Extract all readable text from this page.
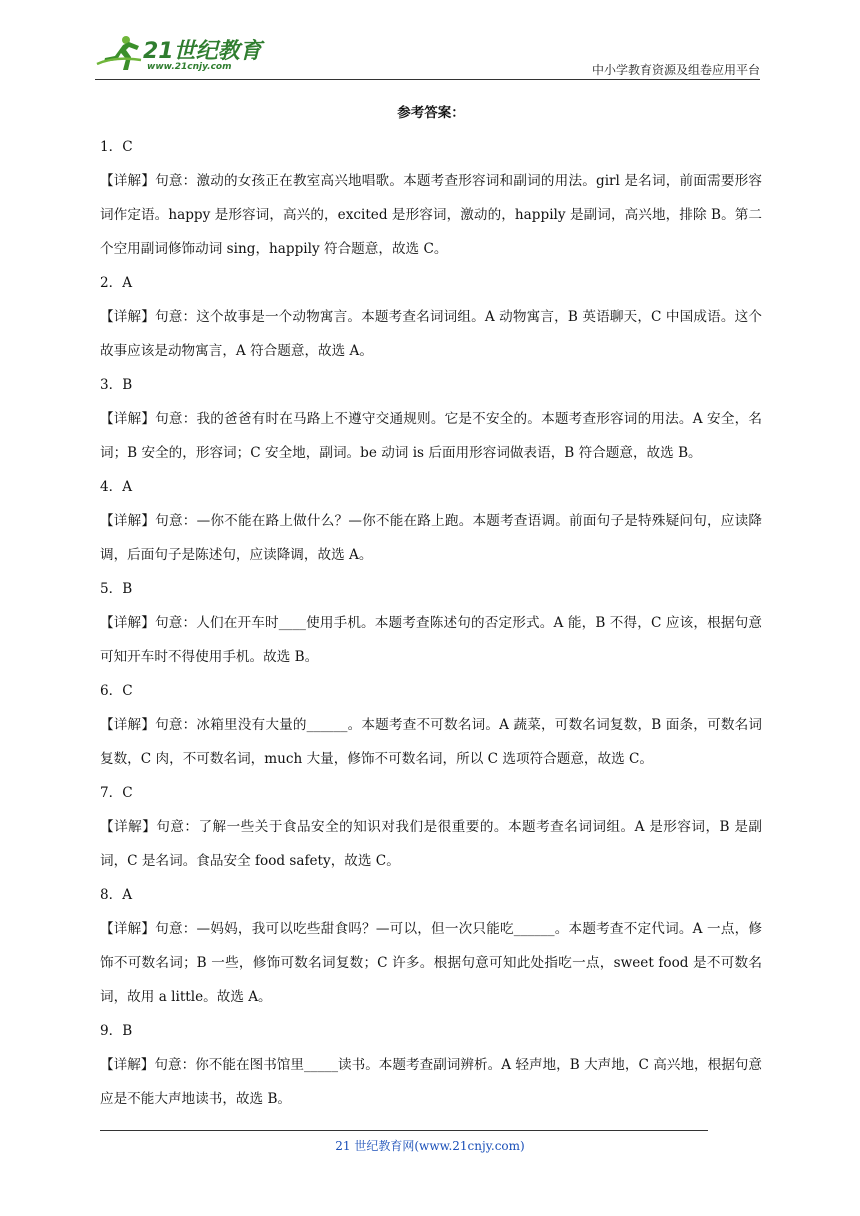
21世纪教育
www.21cnjy.com	中小学教育资源及组卷应用平台
参考答案：
1．C
【详解】句意：激动的女孩正在教室高兴地唱歌。本题考查形容词和副词的用法。girl 是名词，前面需要形容词作定语。happy 是形容词，高兴的，excited 是形容词，激动的，happily 是副词，高兴地，排除 B。第二个空用副词修饰动词 sing，happily 符合题意，故选 C。
2．A
【详解】句意：这个故事是一个动物寓言。本题考查名词词组。A 动物寓言，B 英语聊天，C 中国成语。这个故事应该是动物寓言，A 符合题意，故选 A。
3．B
【详解】句意：我的爸爸有时在马路上不遵守交通规则。它是不安全的。本题考查形容词的用法。A 安全，名词；B 安全的，形容词；C 安全地，副词。be 动词 is 后面用形容词做表语，B 符合题意，故选 B。
4．A
【详解】句意：—你不能在路上做什么？—你不能在路上跑。本题考查语调。前面句子是特殊疑问句，应读降调，后面句子是陈述句，应读降调，故选 A。
5．B
【详解】句意：人们在开车时____使用手机。本题考查陈述句的否定形式。A 能，B 不得，C 应该，根据句意可知开车时不得使用手机。故选 B。
6．C
【详解】句意：冰箱里没有大量的______。本题考查不可数名词。A 蔬菜，可数名词复数，B 面条，可数名词复数，C 肉，不可数名词，much 大量，修饰不可数名词，所以 C 选项符合题意，故选 C。
7．C
【详解】句意：了解一些关于食品安全的知识对我们是很重要的。本题考查名词词组。A 是形容词，B 是副词，C 是名词。食品安全 food safety，故选 C。
8．A
【详解】句意：—妈妈，我可以吃些甜食吗？—可以，但一次只能吃______。本题考查不定代词。A 一点，修饰不可数名词；B 一些，修饰可数名词复数；C 许多。根据句意可知此处指吃一点，sweet food 是不可数名词，故用 a little。故选 A。
9．B
【详解】句意：你不能在图书馆里_____读书。本题考查副词辨析。A 轻声地，B 大声地，C 高兴地，根据句意应是不能大声地读书，故选 B。
21 世纪教育网(www.21cnjy.com)
